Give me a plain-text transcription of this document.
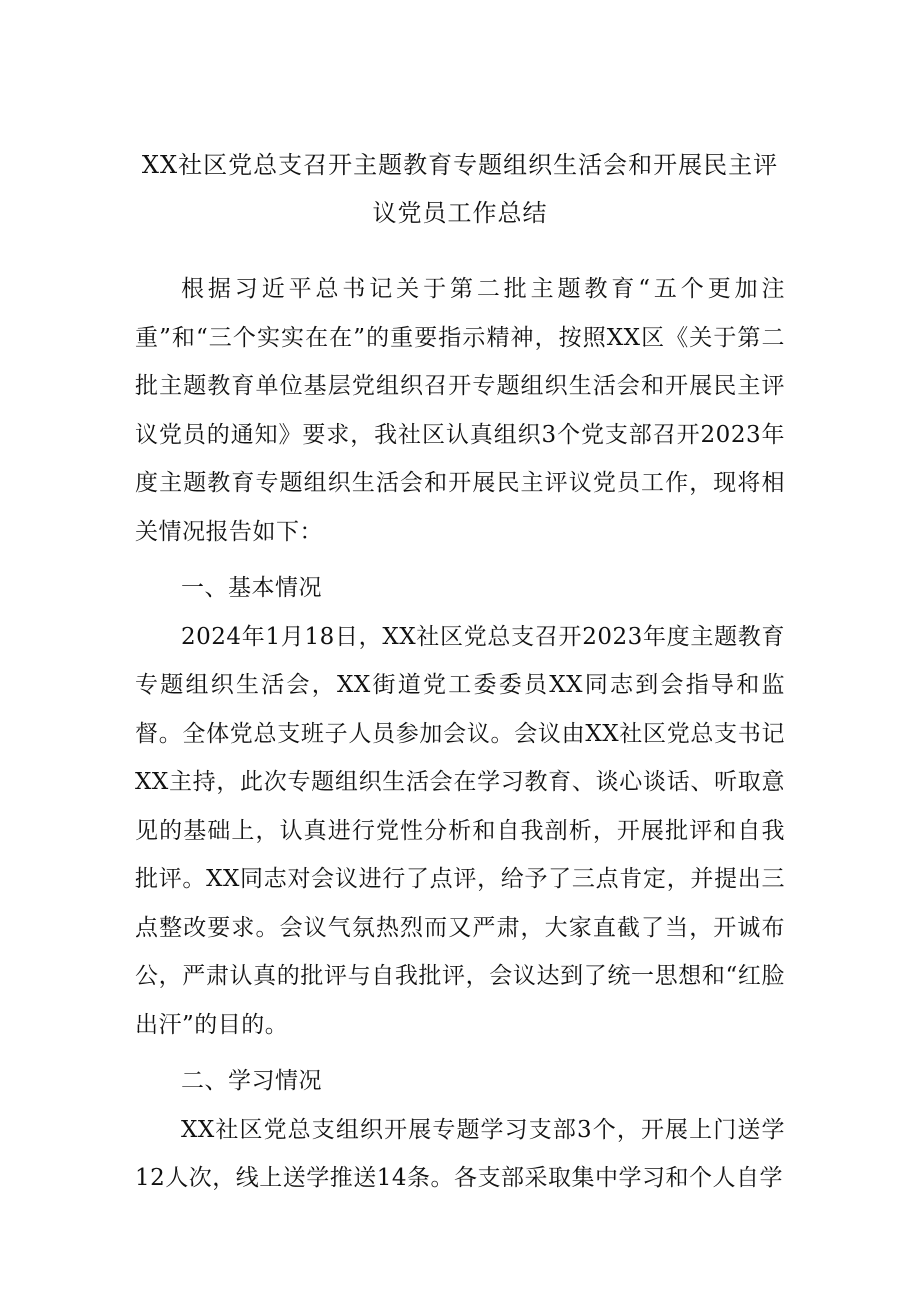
XX社区党总支召开主题教育专题组织生活会和开展民主评
议党员工作总结

根据习近平总书记关于第二批主题教育“五个更加注重”和“三个实实在在”的重要指示精神，按照XX区《关于第二批主题教育单位基层党组织召开专题组织生活会和开展民主评议党员的通知》要求，我社区认真组织3个党支部召开2023年度主题教育专题组织生活会和开展民主评议党员工作，现将相关情况报告如下：

一、基本情况

2024年1月18日，XX社区党总支召开2023年度主题教育专题组织生活会，XX街道党工委委员XX同志到会指导和监督。全体党总支班子人员参加会议。会议由XX社区党总支书记XX主持，此次专题组织生活会在学习教育、谈心谈话、听取意见的基础上，认真进行党性分析和自我剖析，开展批评和自我批评。XX同志对会议进行了点评，给予了三点肯定，并提出三点整改要求。会议气氛热烈而又严肃，大家直截了当，开诚布公，严肃认真的批评与自我批评，会议达到了统一思想和“红脸出汗”的目的。

二、学习情况

XX社区党总支组织开展专题学习支部3个，开展上门送学12人次，线上送学推送14条。各支部采取集中学习和个人自学
